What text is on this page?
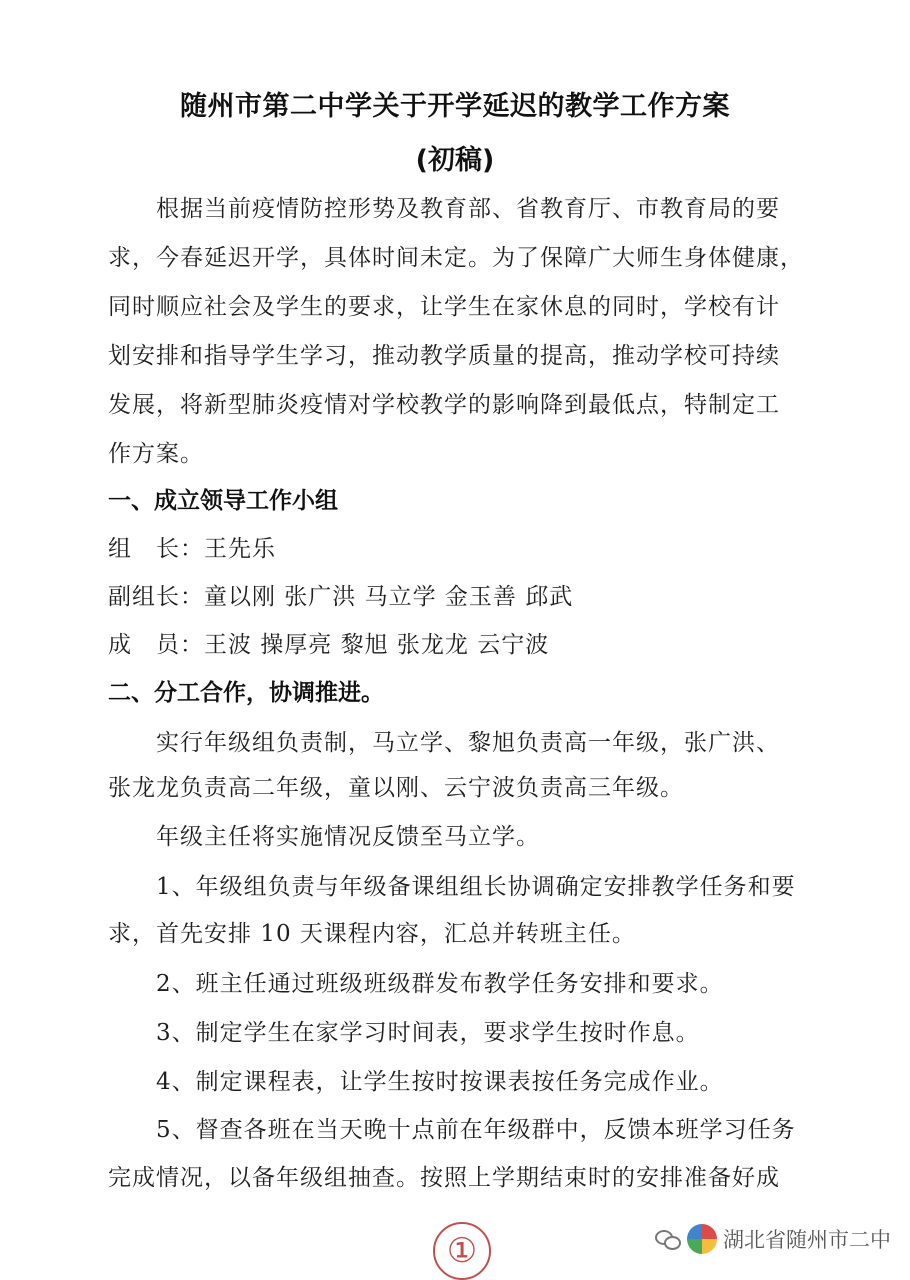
随州市第二中学关于开学延迟的教学工作方案
(初稿)
　　根据当前疫情防控形势及教育部、省教育厅、市教育局的要
求，今春延迟开学，具体时间未定。为了保障广大师生身体健康，
同时顺应社会及学生的要求，让学生在家休息的同时，学校有计
划安排和指导学生学习，推动教学质量的提高，推动学校可持续
发展，将新型肺炎疫情对学校教学的影响降到最低点，特制定工
作方案。
一、成立领导工作小组
组　长：王先乐
副组长：童以刚 张广洪 马立学 金玉善 邱武
成　员：王波 操厚亮 黎旭 张龙龙 云宁波
二、分工合作，协调推进。
　　实行年级组负责制，马立学、黎旭负责高一年级，张广洪、
张龙龙负责高二年级，童以刚、云宁波负责高三年级。
　　年级主任将实施情况反馈至马立学。
　　1、年级组负责与年级备课组组长协调确定安排教学任务和要
求，首先安排 10 天课程内容，汇总并转班主任。
　　2、班主任通过班级班级群发布教学任务安排和要求。
　　3、制定学生在家学习时间表，要求学生按时作息。
　　4、制定课程表，让学生按时按课表按任务完成作业。
　　5、督查各班在当天晚十点前在年级群中，反馈本班学习任务
完成情况，以备年级组抽查。按照上学期结束时的安排准备好成
①	湖北省随州市二中
